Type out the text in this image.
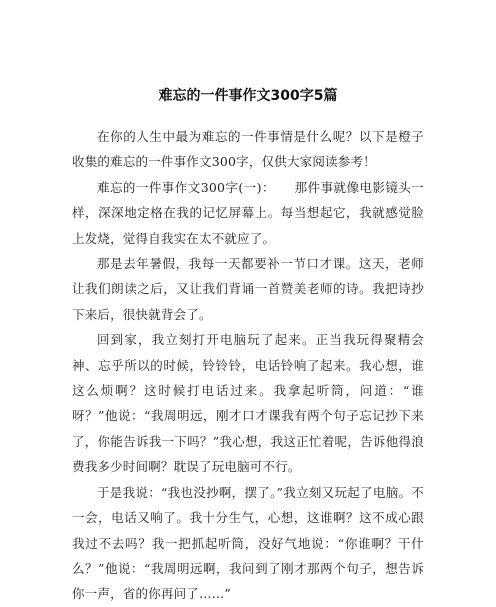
难忘的一件事作文300字5篇

在你的人生中最为难忘的一件事情是什么呢？以下是橙子收集的难忘的一件事作文300字，仅供大家阅读参考！

难忘的一件事作文300字(一)：　　那件事就像电影镜头一样，深深地定格在我的记忆屏幕上。每当想起它，我就感觉脸上发烧，觉得自我实在太不就应了。

那是去年暑假，我每一天都要补一节口才课。这天，老师让我们朗读之后，又让我们背诵一首赞美老师的诗。我把诗抄下来后，很快就背会了。

回到家，我立刻打开电脑玩了起来。正当我玩得聚精会神、忘乎所以的时候，铃铃铃，电话铃响了起来。我心想，谁这么烦啊？这时候打电话过来。我拿起听筒，问道：“谁呀？”他说：“我周明远，刚才口才课我有两个句子忘记抄下来了，你能告诉我一下吗？”我心想，我这正忙着呢，告诉他得浪费我多少时间啊？耽误了玩电脑可不行。

于是我说：“我也没抄啊，摆了。”我立刻又玩起了电脑。不一会，电话又响了。我十分生气，心想，这谁啊？这不成心跟我过不去吗？我一把抓起听筒，没好气地说：“你谁啊？干什么？”他说：“我周明远啊，我问到了刚才那两个句子，想告诉你一声，省的你再问了……”
